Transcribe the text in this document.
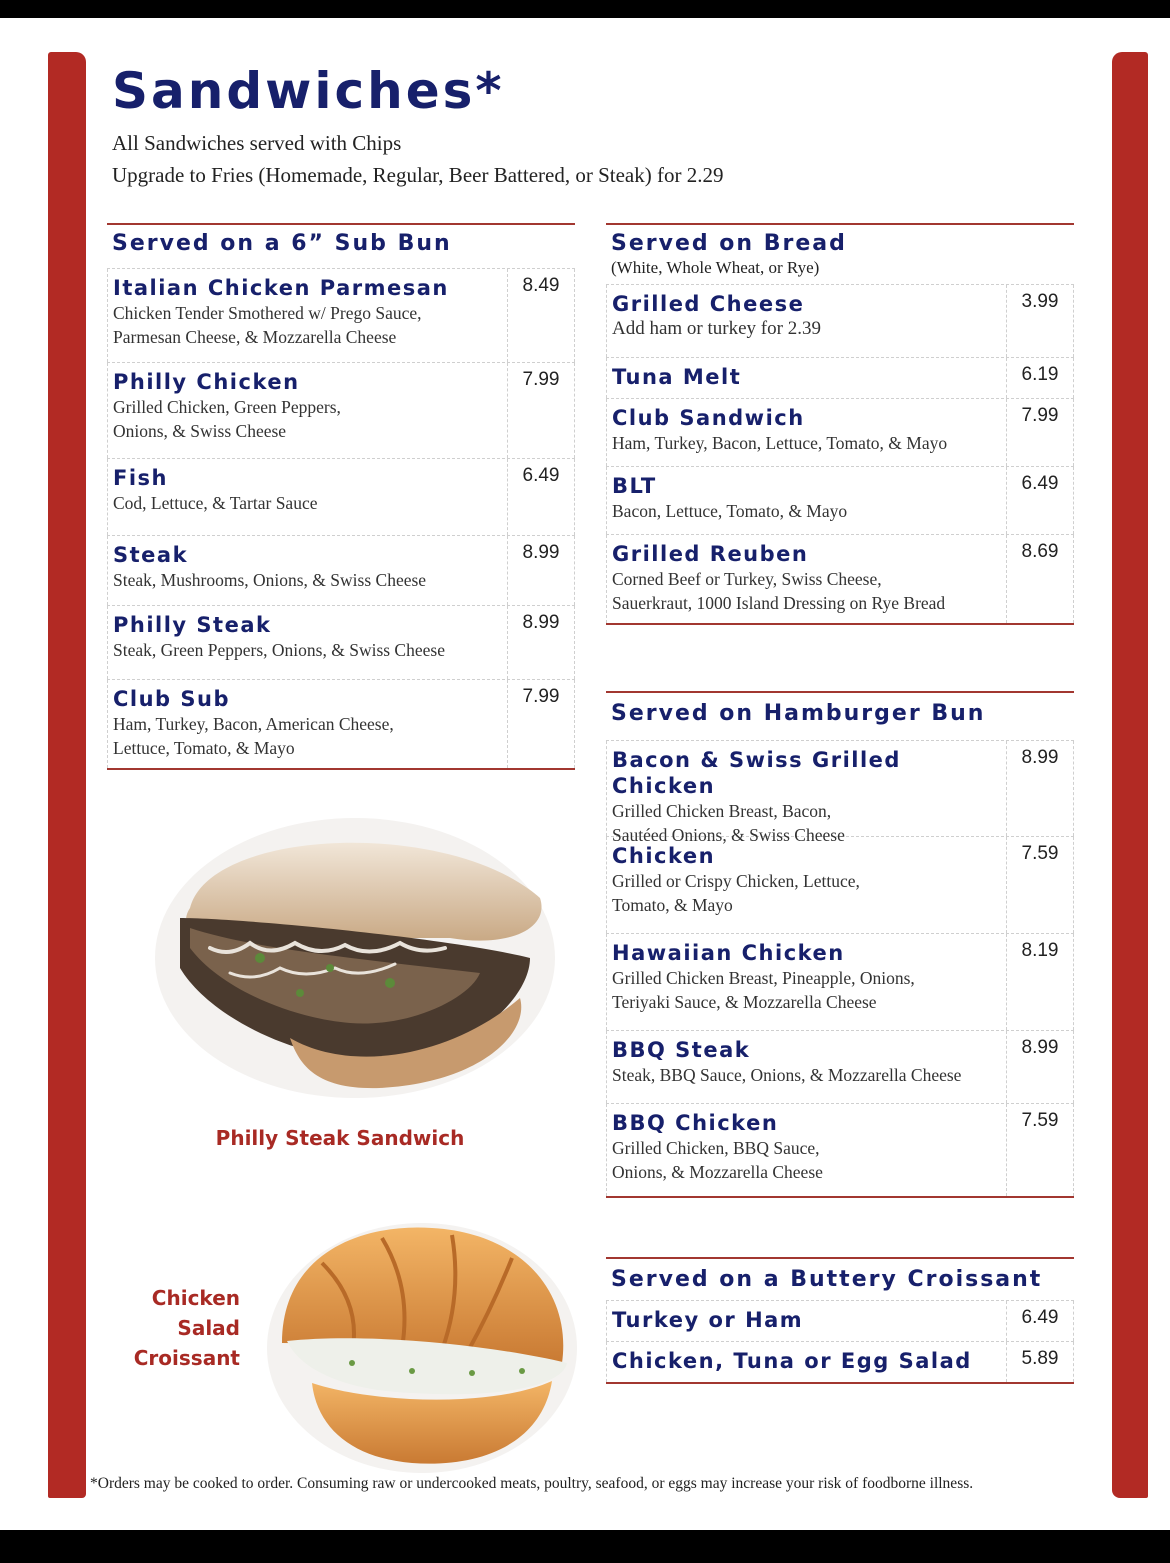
Sandwiches*
All Sandwiches served with Chips
Upgrade to Fries (Homemade, Regular, Beer Battered, or Steak) for 2.29
Served on a 6” Sub Bun
Italian Chicken Parmesan
Chicken Tender Smothered w/ Prego Sauce,
Parmesan Cheese, & Mozzarella Cheese
8.49
Philly Chicken
Grilled Chicken, Green Peppers,
Onions, & Swiss Cheese
7.99
Fish
Cod, Lettuce, & Tartar Sauce
6.49
Steak
Steak, Mushrooms, Onions, & Swiss Cheese
8.99
Philly Steak
Steak, Green Peppers, Onions, & Swiss Cheese
8.99
Club Sub
Ham, Turkey, Bacon, American Cheese,
Lettuce, Tomato, & Mayo
7.99
Served on Bread
(White, Whole Wheat, or Rye)
Grilled Cheese
Add ham or turkey for 2.39
3.99
Tuna Melt	6.19
Club Sandwich
Ham, Turkey, Bacon, Lettuce, Tomato, & Mayo
7.99
BLT
Bacon, Lettuce, Tomato, & Mayo
6.49
Grilled Reuben
Corned Beef or Turkey, Swiss Cheese,
Sauerkraut, 1000 Island Dressing on Rye Bread
8.69
Served on Hamburger Bun
Bacon & Swiss Grilled Chicken
Grilled Chicken Breast, Bacon,
Sautéed Onions, & Swiss Cheese
8.99
Chicken
Grilled or Crispy Chicken, Lettuce,
Tomato, & Mayo
7.59
Hawaiian Chicken
Grilled Chicken Breast, Pineapple, Onions,
Teriyaki Sauce, & Mozzarella Cheese
8.19
BBQ Steak
Steak, BBQ Sauce, Onions, & Mozzarella Cheese
8.99
BBQ Chicken
Grilled Chicken, BBQ Sauce,
Onions, & Mozzarella Cheese
7.59
Served on a Buttery Croissant
Turkey or Ham	6.49
Chicken, Tuna or Egg Salad	5.89
Philly Steak Sandwich
Chicken
Salad
Croissant
*Orders may be cooked to order. Consuming raw or undercooked meats, poultry, seafood, or eggs may increase your risk of foodborne illness.
